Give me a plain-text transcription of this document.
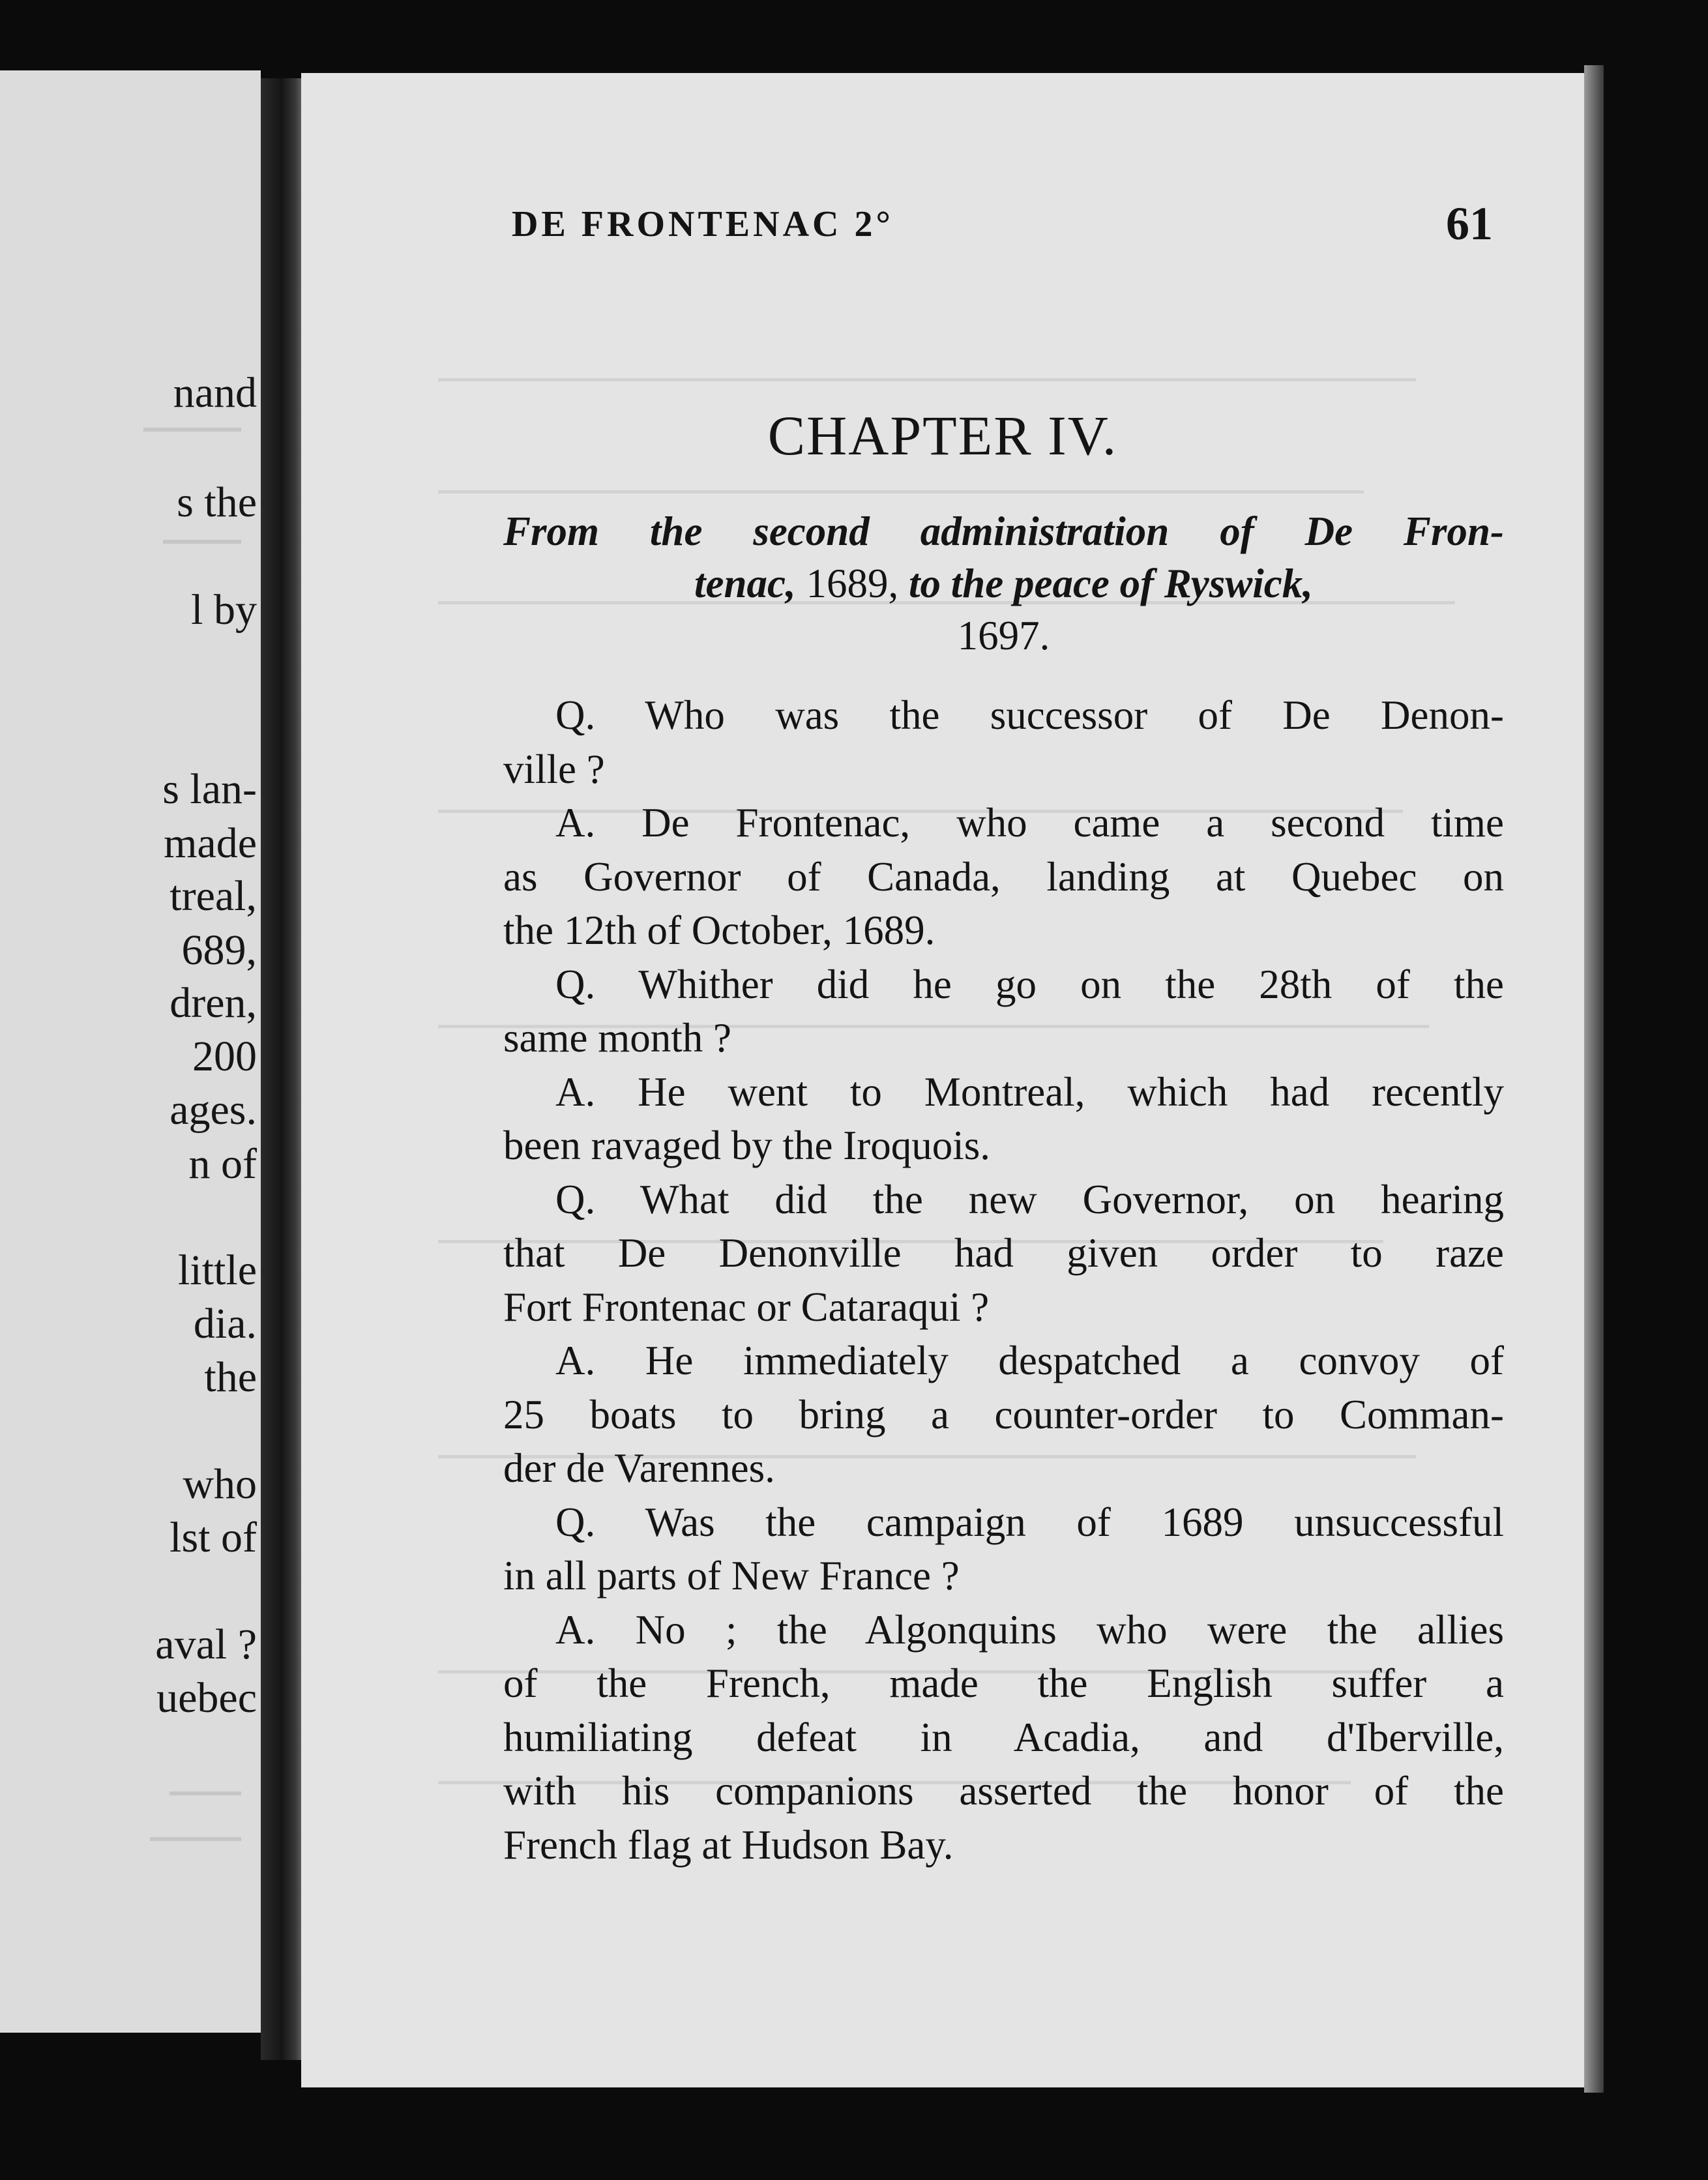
nand
s the
l by
s lan-
made
treal,
689,
dren,
200
ages.
n of
little
dia.
the
who
lst of
aval ?
uebec
DE FRONTENAC 2°	61
CHAPTER IV.
From the second administration of De Fron-
tenac, 1689, to the peace of Ryswick,
1697.
Q. Who was the successor of De Denon-
ville ?
A. De Frontenac, who came a second time
as Governor of Canada, landing at Quebec on
the 12th of October, 1689.
Q. Whither did he go on the 28th of the
same month ?
A. He went to Montreal, which had recently
been ravaged by the Iroquois.
Q. What did the new Governor, on hearing
that De Denonville had given order to raze
Fort Frontenac or Cataraqui ?
A. He immediately despatched a convoy of
25 boats to bring a counter-order to Comman-
der de Varennes.
Q. Was the campaign of 1689 unsuccessful
in all parts of New France ?
A. No ; the Algonquins who were the allies
of the French, made the English suffer a
humiliating defeat in Acadia, and d'Iberville,
with his companions asserted the honor of the
French flag at Hudson Bay.
